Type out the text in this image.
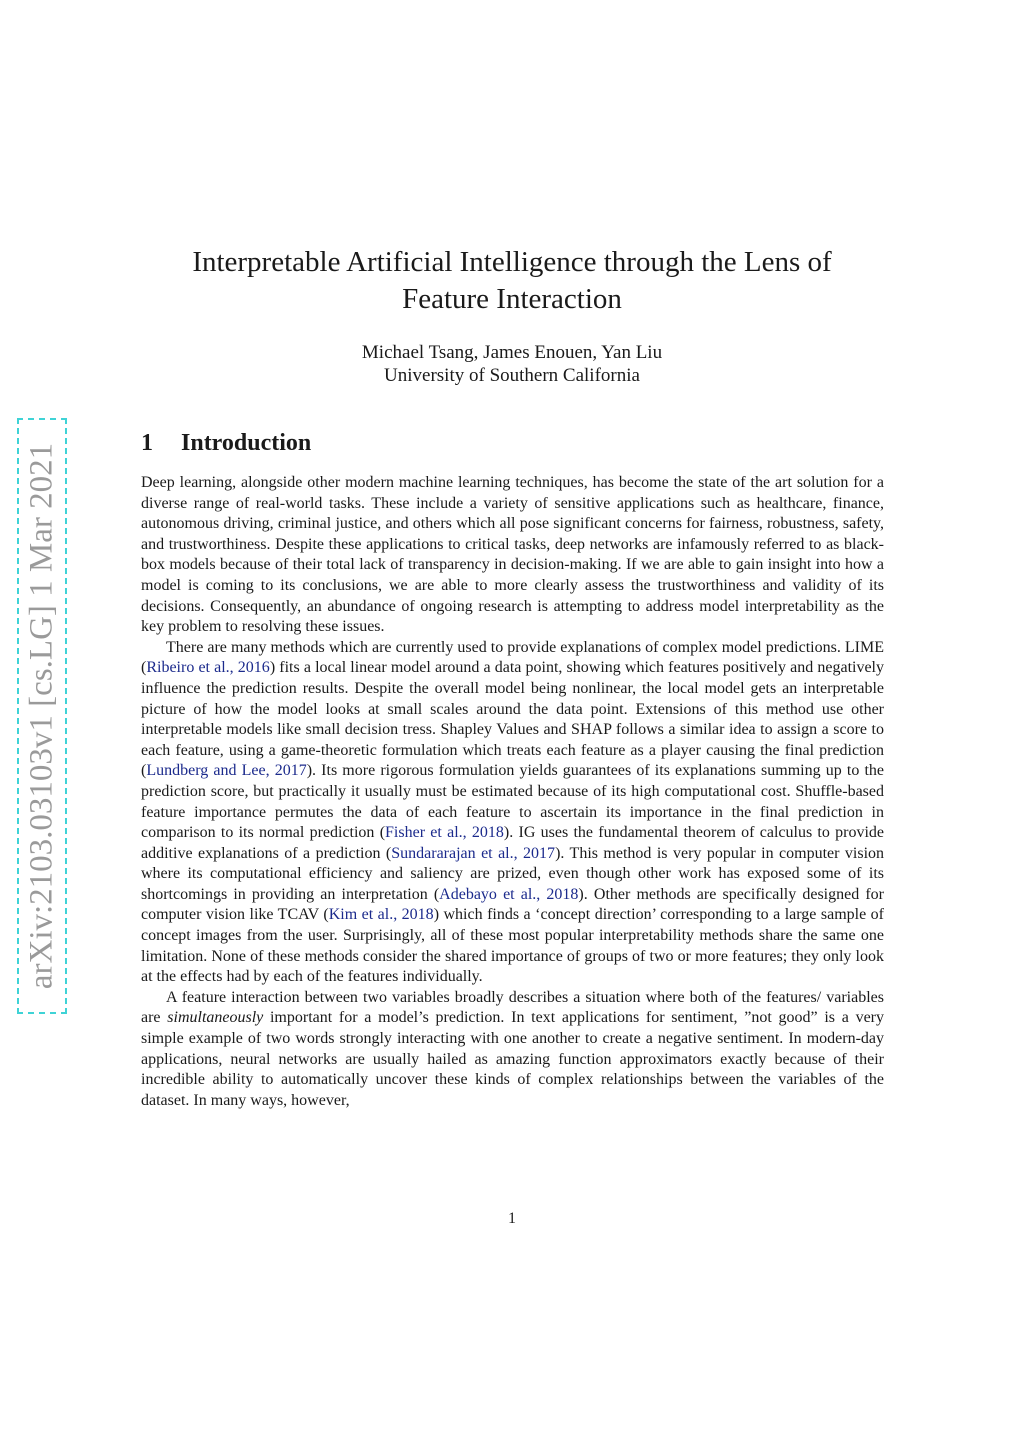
arXiv:2103.03103v1 [cs.LG] 1 Mar 2021
Interpretable Artificial Intelligence through the Lens of
Feature Interaction
Michael Tsang, James Enouen, Yan Liu
University of Southern California
1 Introduction

Deep learning, alongside other modern machine learning techniques, has become the state of the art solution for a diverse range of real-world tasks. These include a variety of sensitive applications such as healthcare, finance, autonomous driving, criminal justice, and others which all pose significant concerns for fairness, robustness, safety, and trustworthiness. Despite these applications to critical tasks, deep networks are infamously referred to as black-box models because of their total lack of transparency in decision-making. If we are able to gain insight into how a model is coming to its conclusions, we are able to more clearly assess the trustworthiness and validity of its decisions. Consequently, an abundance of ongoing research is attempting to address model interpretability as the key problem to resolving these issues.

There are many methods which are currently used to provide explanations of complex model predictions. LIME (Ribeiro et al., 2016) fits a local linear model around a data point, showing which features positively and negatively influence the prediction results. Despite the overall model being nonlinear, the local model gets an interpretable picture of how the model looks at small scales around the data point. Extensions of this method use other interpretable models like small decision tress. Shapley Values and SHAP follows a similar idea to assign a score to each feature, using a game-theoretic formulation which treats each feature as a player causing the final prediction (Lundberg and Lee, 2017). Its more rigorous formulation yields guarantees of its explanations summing up to the prediction score, but practically it usually must be estimated because of its high computational cost. Shuffle-based feature importance permutes the data of each feature to ascertain its importance in the final prediction in comparison to its normal prediction (Fisher et al., 2018). IG uses the fundamental theorem of calculus to provide additive explanations of a prediction (Sundararajan et al., 2017). This method is very popular in computer vision where its computational efficiency and saliency are prized, even though other work has exposed some of its shortcomings in providing an interpretation (Adebayo et al., 2018). Other methods are specifically designed for computer vision like TCAV (Kim et al., 2018) which finds a ‘concept direction’ corresponding to a large sample of concept images from the user. Surprisingly, all of these most popular interpretability methods share the same one limitation. None of these methods consider the shared importance of groups of two or more features; they only look at the effects had by each of the features individually.

A feature interaction between two variables broadly describes a situation where both of the features/ variables are simultaneously important for a model’s prediction. In text applications for sentiment, ”not good” is a very simple example of two words strongly interacting with one another to create a negative sentiment. In modern-day applications, neural networks are usually hailed as amazing function approximators exactly because of their incredible ability to automatically uncover these kinds of complex relationships between the variables of the dataset. In many ways, however,

1
